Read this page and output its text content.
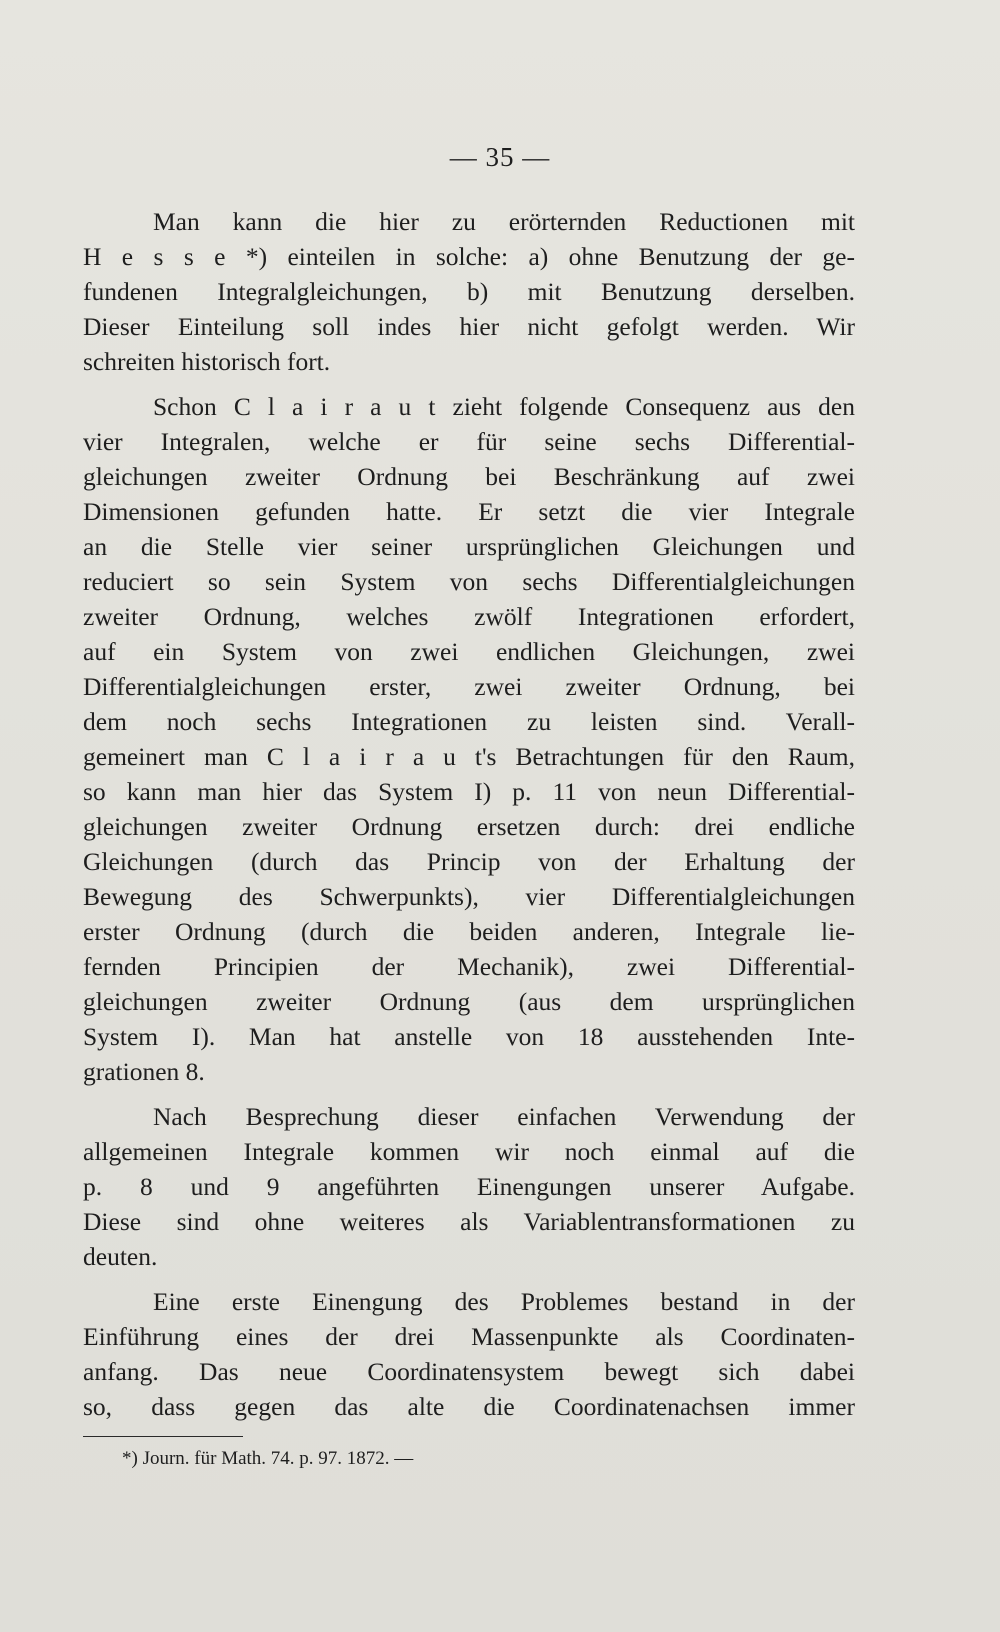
— 35 —
Man kann die hier zu erörternden Reductionen mit
H e s s e *) einteilen in solche: a) ohne Benutzung der ge-
fundenen Integralgleichungen, b) mit Benutzung derselben.
Dieser Einteilung soll indes hier nicht gefolgt werden. Wir
schreiten historisch fort.
Schon C l a i r a u t zieht folgende Consequenz aus den
vier Integralen, welche er für seine sechs Differential-
gleichungen zweiter Ordnung bei Beschränkung auf zwei
Dimensionen gefunden hatte. Er setzt die vier Integrale
an die Stelle vier seiner ursprünglichen Gleichungen und
reduciert so sein System von sechs Differentialgleichungen
zweiter Ordnung, welches zwölf Integrationen erfordert,
auf ein System von zwei endlichen Gleichungen, zwei
Differentialgleichungen erster, zwei zweiter Ordnung, bei
dem noch sechs Integrationen zu leisten sind. Verall-
gemeinert man C l a i r a u t's Betrachtungen für den Raum,
so kann man hier das System I) p. 11 von neun Differential-
gleichungen zweiter Ordnung ersetzen durch: drei endliche
Gleichungen (durch das Princip von der Erhaltung der
Bewegung des Schwerpunkts), vier Differentialgleichungen
erster Ordnung (durch die beiden anderen, Integrale lie-
fernden Principien der Mechanik), zwei Differential-
gleichungen zweiter Ordnung (aus dem ursprünglichen
System I). Man hat anstelle von 18 ausstehenden Inte-
grationen 8.
Nach Besprechung dieser einfachen Verwendung der
allgemeinen Integrale kommen wir noch einmal auf die
p. 8 und 9 angeführten Einengungen unserer Aufgabe.
Diese sind ohne weiteres als Variablentransformationen zu
deuten.
Eine erste Einengung des Problemes bestand in der
Einführung eines der drei Massenpunkte als Coordinaten-
anfang. Das neue Coordinatensystem bewegt sich dabei
so, dass gegen das alte die Coordinatenachsen immer
*) Journ. für Math. 74. p. 97. 1872. —
